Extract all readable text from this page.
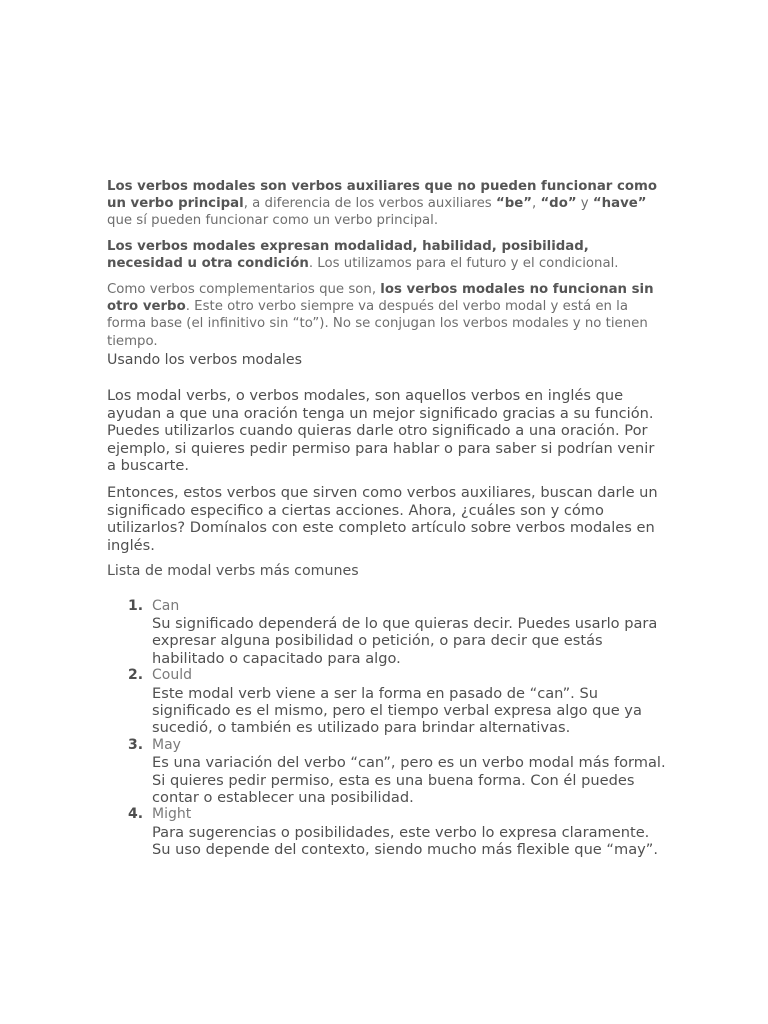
Los verbos modales son verbos auxiliares que no pueden funcionar como un verbo principal, a diferencia de los verbos auxiliares “be”, “do” y “have” que sí pueden funcionar como un verbo principal.

Los verbos modales expresan modalidad, habilidad, posibilidad, necesidad u otra condición. Los utilizamos para el futuro y el condicional.

Como verbos complementarios que son, los verbos modales no funcionan sin otro verbo. Este otro verbo siempre va después del verbo modal y está en la forma base (el infinitivo sin “to”). No se conjugan los verbos modales y no tienen tiempo.

Usando los verbos modales

Los modal verbs, o verbos modales, son aquellos verbos en inglés que ayudan a que una oración tenga un mejor significado gracias a su función. Puedes utilizarlos cuando quieras darle otro significado a una oración. Por ejemplo, si quieres pedir permiso para hablar o para saber si podrían venir a buscarte.

Entonces, estos verbos que sirven como verbos auxiliares, buscan darle un significado especifico a ciertas acciones. Ahora, ¿cuáles son y cómo utilizarlos? Domínalos con este completo artículo sobre verbos modales en inglés.

Lista de modal verbs más comunes

1. Can
Su significado dependerá de lo que quieras decir. Puedes usarlo para expresar alguna posibilidad o petición, o para decir que estás habilitado o capacitado para algo.
2. Could
Este modal verb viene a ser la forma en pasado de “can”. Su significado es el mismo, pero el tiempo verbal expresa algo que ya sucedió, o también es utilizado para brindar alternativas.
3. May
Es una variación del verbo “can”, pero es un verbo modal más formal. Si quieres pedir permiso, esta es una buena forma. Con él puedes contar o establecer una posibilidad.
4. Might
Para sugerencias o posibilidades, este verbo lo expresa claramente. Su uso depende del contexto, siendo mucho más flexible que “may”.
